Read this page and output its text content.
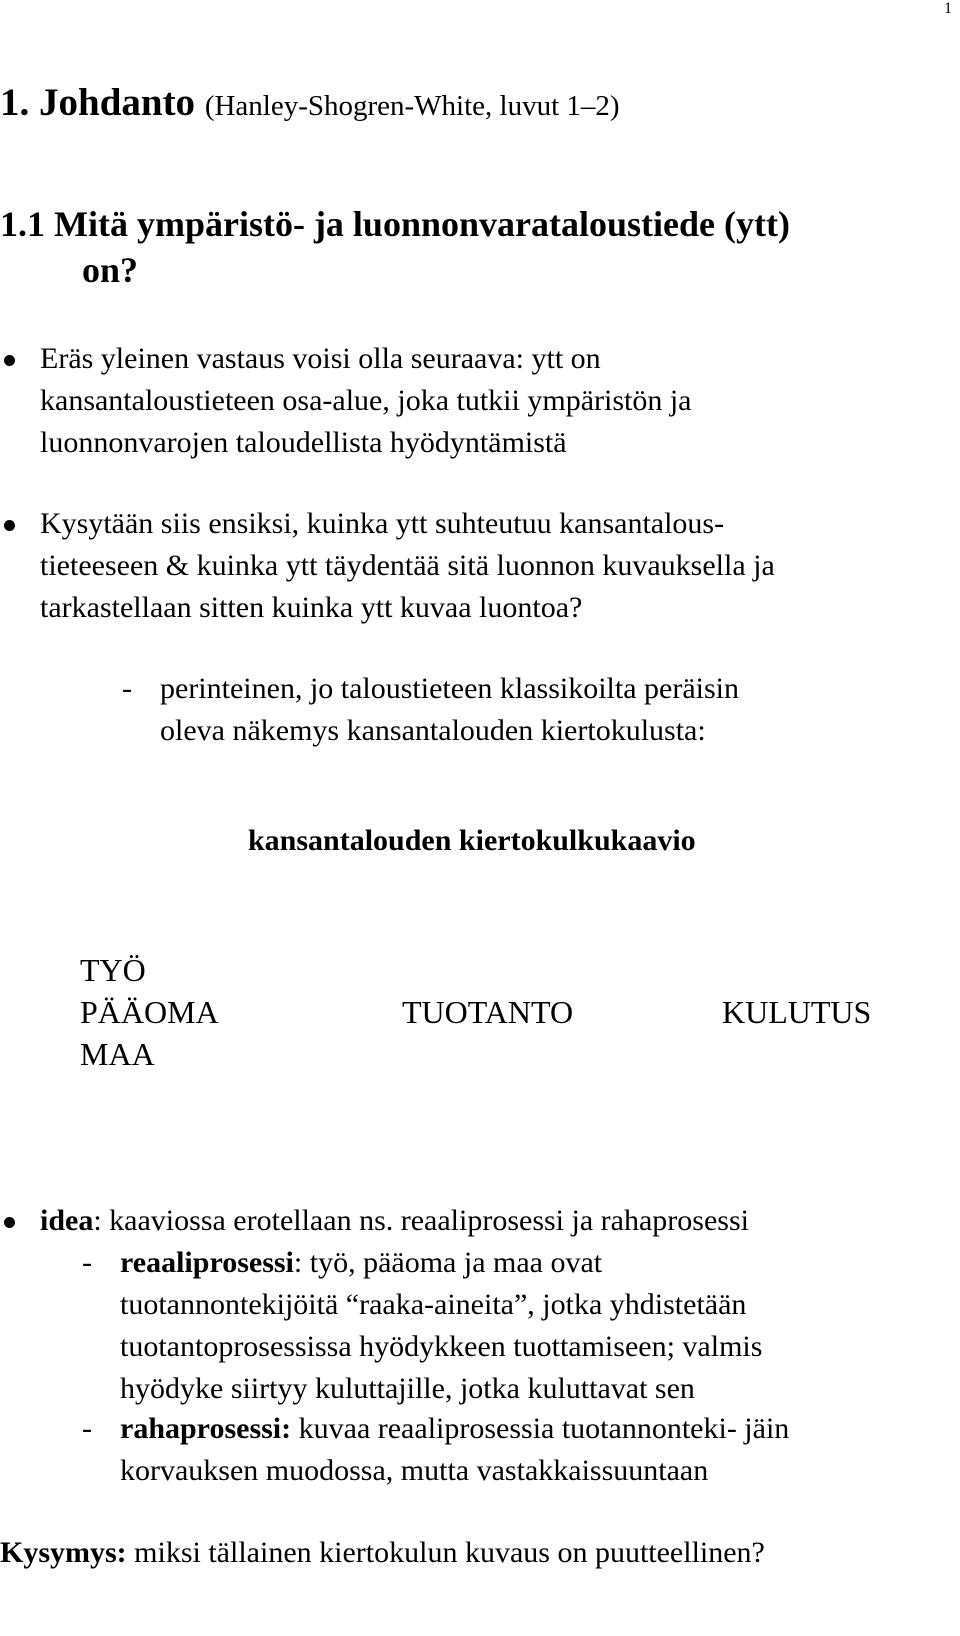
1
1. Johdanto (Hanley-Shogren-White, luvut 1–2)
1.1 Mitä ympäristö- ja luonnonvarataloustiede (ytt)
on?
Eräs yleinen vastaus voisi olla seuraava: ytt on
kansantaloustieteen osa-alue, joka tutkii ympäristön ja
luonnonvarojen taloudellista hyödyntämistä
Kysytään siis ensiksi, kuinka ytt suhteutuu kansantalous-
tieteeseen & kuinka ytt täydentää sitä luonnon kuvauksella ja
tarkastellaan sitten kuinka ytt kuvaa luontoa?
- perinteinen, jo taloustieteen klassikoilta peräisin
oleva näkemys kansantalouden kiertokulusta:
kansantalouden kiertokulkukaavio
TYÖ
PÄÄOMA
MAA
TUOTANTO	KULUTUS
idea: kaaviossa erotellaan ns. reaaliprosessi ja rahaprosessi
- reaaliprosessi: työ, pääoma ja maa ovat
tuotannontekijöitä “raaka-aineita”, jotka yhdistetään
tuotantoprosessissa hyödykkeen tuottamiseen; valmis
hyödyke siirtyy kuluttajille, jotka kuluttavat sen
- rahaprosessi: kuvaa reaaliprosessia tuotannonteki- jäin
korvauksen muodossa, mutta vastakkaissuuntaan
Kysymys: miksi tällainen kiertokulun kuvaus on puutteellinen?
